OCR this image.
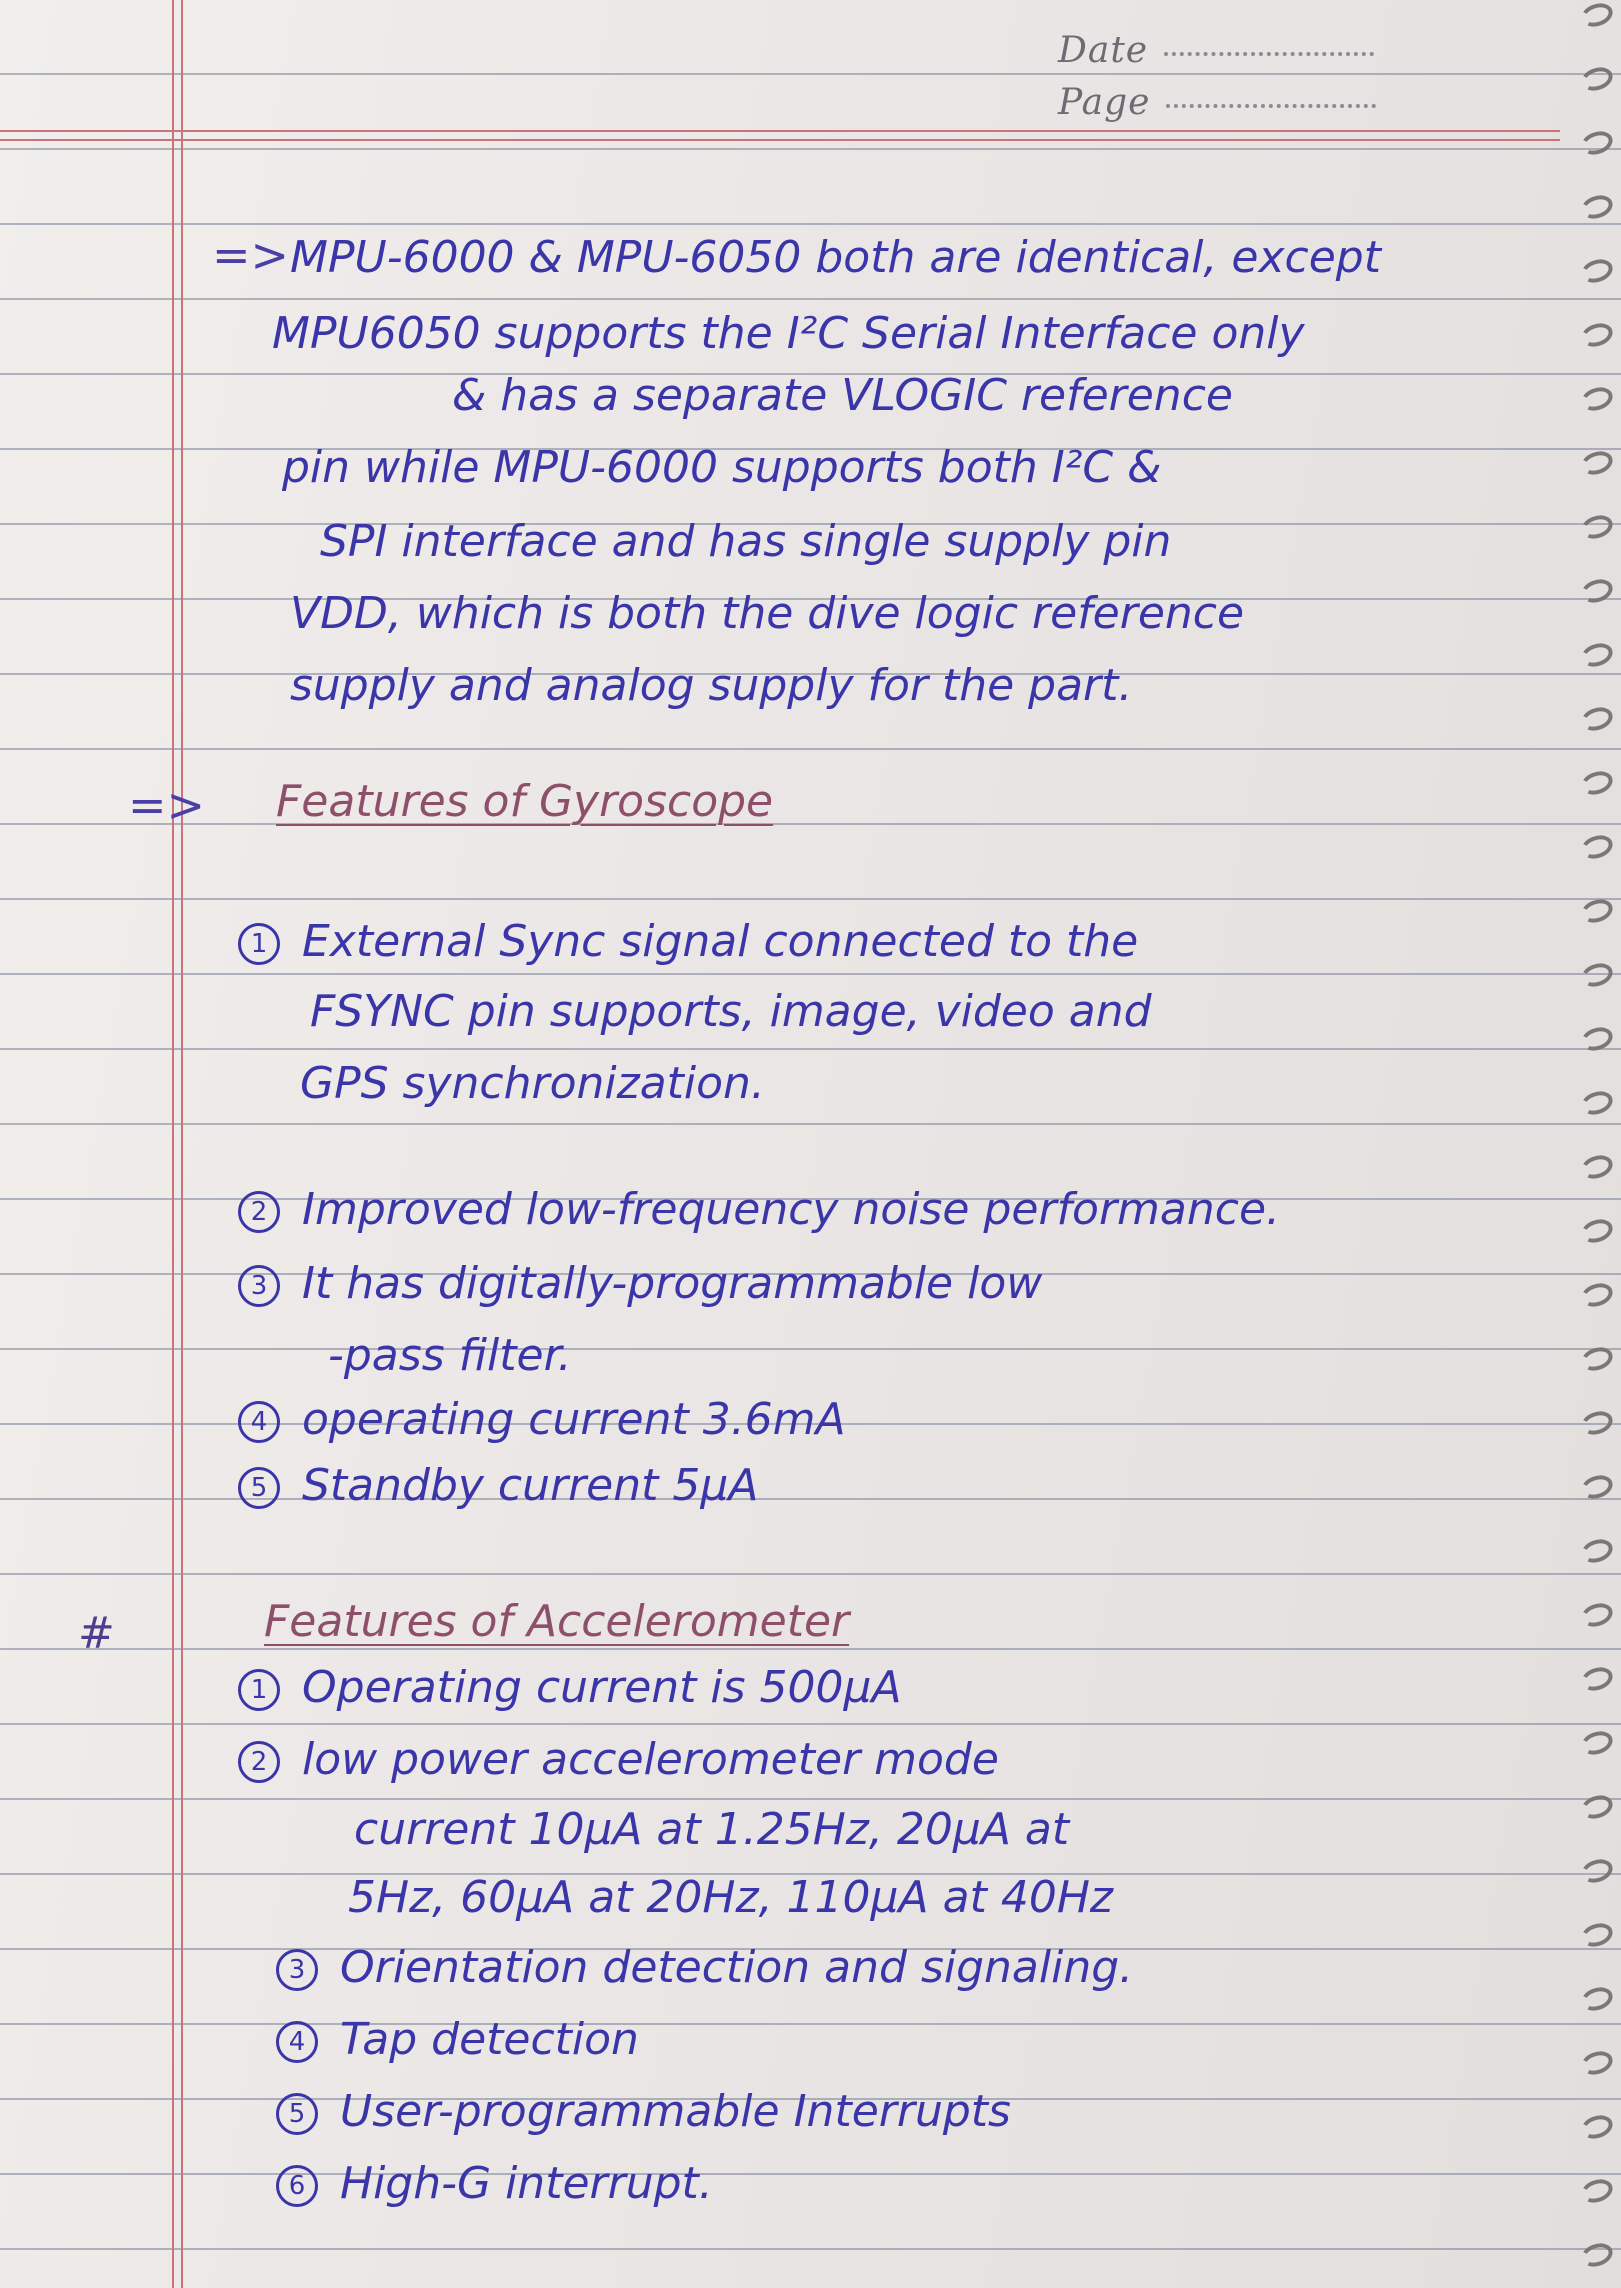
Date
Page
=> MPU-6000 & MPU-6050 both are identical, except
MPU6050 supports the I²C Serial Interface only
& has a separate VLOGIC reference
pin while MPU-6000 supports both I²C &
SPI interface and has single supply pin
VDD, which is both the dive logic reference
supply and analog supply for the part.
=> Features of Gyroscope
1 External Sync signal connected to the
FSYNC pin supports, image, video and
GPS synchronization.
2 Improved low-frequency noise performance.
3 It has digitally-programmable low
-pass filter.
4 operating current 3.6mA
5 Standby current 5µA
#	Features of Accelerometer
1 Operating current is 500µA
2 low power accelerometer mode
current 10µA at 1.25Hz, 20µA at
5Hz, 60µA at 20Hz, 110µA at 40Hz
3 Orientation detection and signaling.
4 Tap detection
5 User-programmable Interrupts
6 High-G interrupt.
